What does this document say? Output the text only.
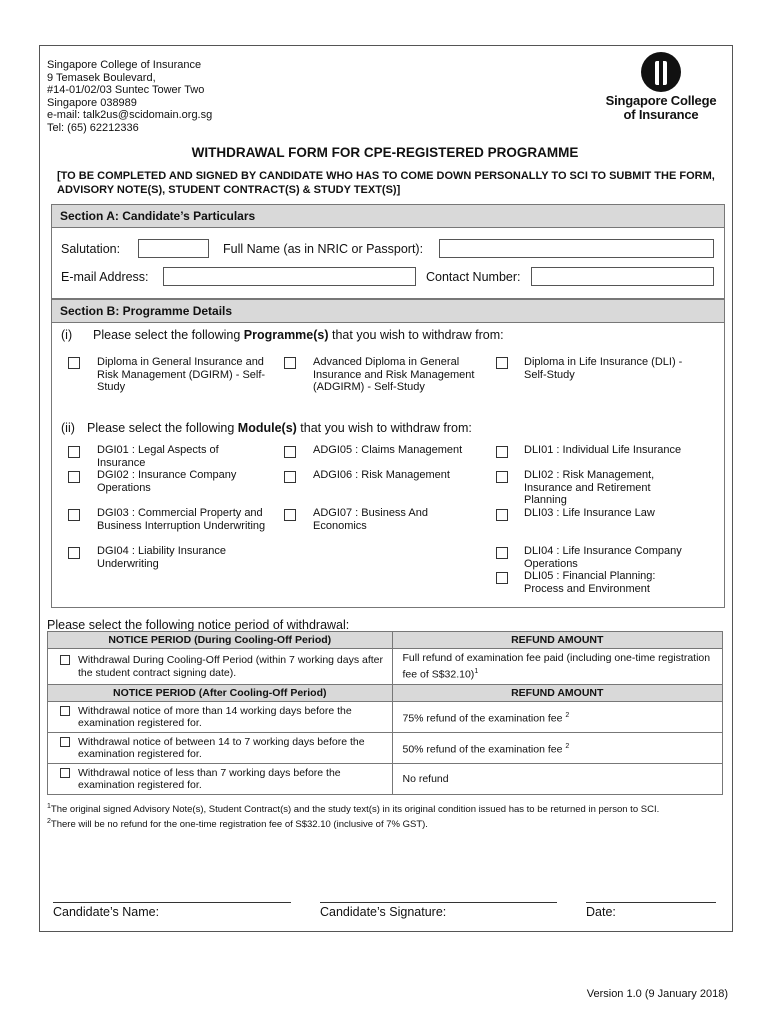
Singapore College of Insurance
9 Temasek Boulevard,
#14-01/02/03 Suntec Tower Two
Singapore 038989
e-mail: talk2us@scidomain.org.sg
Tel: (65) 62212336
Singapore College
of Insurance
WITHDRAWAL FORM FOR CPE-REGISTERED PROGRAMME
[TO BE COMPLETED AND SIGNED BY CANDIDATE WHO HAS TO COME DOWN PERSONALLY TO SCI TO SUBMIT THE FORM, ADVISORY NOTE(S), STUDENT CONTRACT(S) & STUDY TEXT(S)]
Section A: Candidate’s Particulars
Salutation:	Full Name (as in NRIC or Passport):
E-mail Address:	Contact Number:
Section B: Programme Details
(i) Please select the following Programme(s) that you wish to withdraw from:
Diploma in General Insurance and Risk Management (DGIRM) - Self-Study
Advanced Diploma in General Insurance and Risk Management (ADGIRM) - Self-Study
Diploma in Life Insurance (DLI) - Self-Study
(ii) Please select the following Module(s) that you wish to withdraw from:
DGI01 : Legal Aspects of Insurance
DGI02 : Insurance Company Operations
DGI03 : Commercial Property and Business Interruption Underwriting
DGI04 : Liability Insurance Underwriting
ADGI05 : Claims Management
ADGI06 : Risk Management
ADGI07 : Business And Economics
DLI01 : Individual Life Insurance
DLI02 : Risk Management, Insurance and Retirement Planning
DLI03 : Life Insurance Law
DLI04 : Life Insurance Company Operations
DLI05 : Financial Planning: Process and Environment
Please select the following notice period of withdrawal:
NOTICE PERIOD (During Cooling-Off Period)	REFUND AMOUNT

Withdrawal During Cooling-Off Period (within 7 working days after the student contract signing date).	Full refund of examination fee paid (including one-time registration fee of S$32.10)$^1$

NOTICE PERIOD (After Cooling-Off Period)	REFUND AMOUNT

Withdrawal notice of more than 14 working days before the examination registered for.	75% refund of the examination fee $^2$

Withdrawal notice of between 14 to 7 working days before the examination registered for.	50% refund of the examination fee $^2$

Withdrawal notice of less than 7 working days before the examination registered for.	No refund
$^1$The original signed Advisory Note(s), Student Contract(s) and the study text(s) in its original condition issued has to be returned in person to SCI.
$^2$There will be no refund for the one-time registration fee of S$32.10 (inclusive of 7% GST).
Candidate’s Name:	Candidate’s Signature:	Date:
Version 1.0 (9 January 2018)
